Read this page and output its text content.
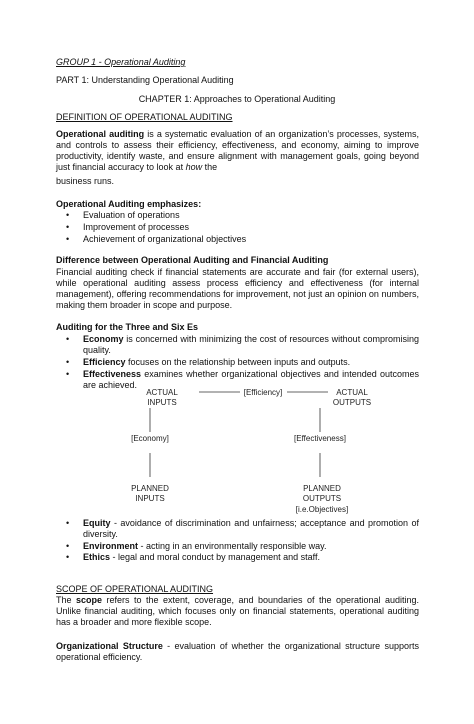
GROUP 1 - Operational Auditing
PART 1: Understanding Operational Auditing
CHAPTER 1: Approaches to Operational Auditing
DEFINITION OF OPERATIONAL AUDITING
Operational auditing is a systematic evaluation of an organization’s processes, systems, and controls to assess their efficiency, effectiveness, and economy, aiming to improve productivity, identify waste, and ensure alignment with management goals, going beyond just financial accuracy to look at how the
business runs.
Operational Auditing emphasizes:
• Evaluation of operations
• Improvement of processes
• Achievement of organizational objectives
Difference between Operational Auditing and Financial Auditing
Financial auditing check if financial statements are accurate and fair (for external users), while operational auditing assess process efficiency and effectiveness (for internal management), offering recommendations for improvement, not just an opinion on numbers, making them broader in scope and purpose.
Auditing for the Three and Six Es
• Economy is concerned with minimizing the cost of resources without compromising quality.
• Efficiency focuses on the relationship between inputs and outputs.
• Effectiveness examines whether organizational objectives and intended outcomes are achieved.
ACTUAL
INPUTS
[Efficiency]	ACTUAL
OUTPUTS
[Economy]	[Effectiveness]
PLANNED
INPUTS
PLANNED
OUTPUTS
[i.e.Objectives]
• Equity - avoidance of discrimination and unfairness; acceptance and promotion of diversity.
• Environment - acting in an environmentally responsible way.
• Ethics - legal and moral conduct by management and staff.
SCOPE OF OPERATIONAL AUDITING
The scope refers to the extent, coverage, and boundaries of the operational auditing. Unlike financial auditing, which focuses only on financial statements, operational auditing has a broader and more flexible scope.
Organizational Structure - evaluation of whether the organizational structure supports operational efficiency.
